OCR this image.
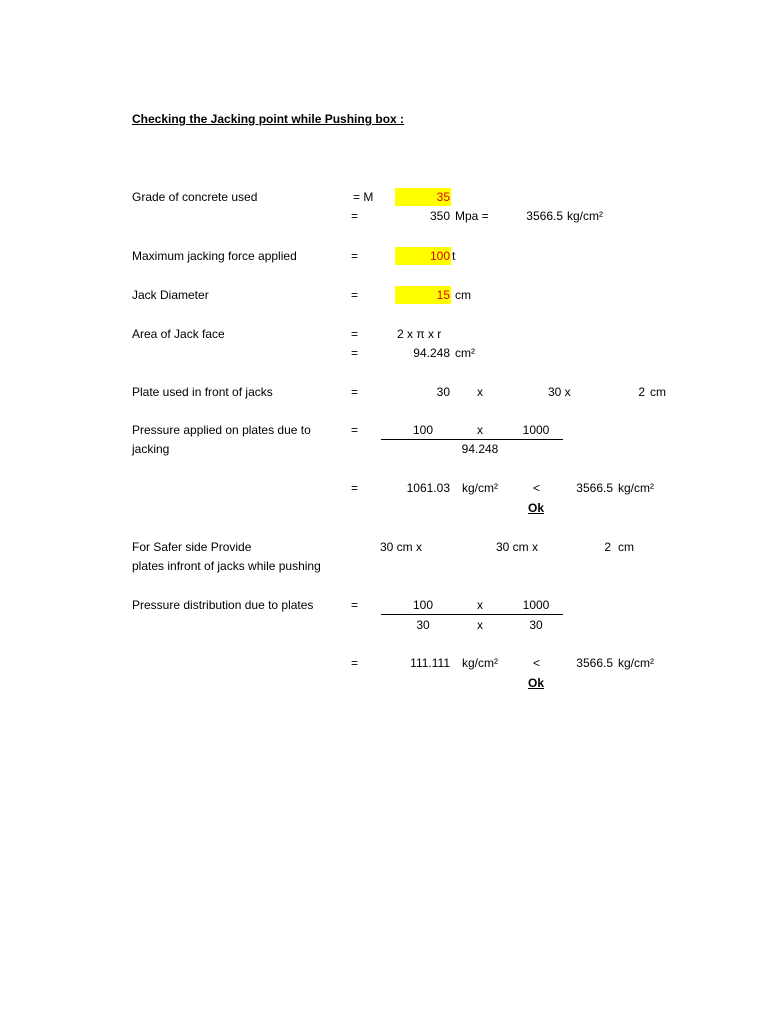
Checking the Jacking point while Pushing box :
Grade of concrete used	= M	35
=	350 Mpa =	3566.5 kg/cm²
Maximum jacking force applied	=	100 t
Jack Diameter	=	15 cm
Area of Jack face	=	2 x π x r
=	94.248 cm²
Plate used in front of jacks	=	30 x	30 x	2 cm
Pressure applied on plates due to
jacking
=	100	x	1000
94.248
=	1061.03 kg/cm²	<	3566.5 kg/cm²
Ok
For Safer side Provide
plates infront of jacks while pushing
30 cm x	30 cm x	2 cm
Pressure distribution due to plates	=	100	x	1000
30	x	30
=	111.111 kg/cm²	<	3566.5 kg/cm²
Ok
